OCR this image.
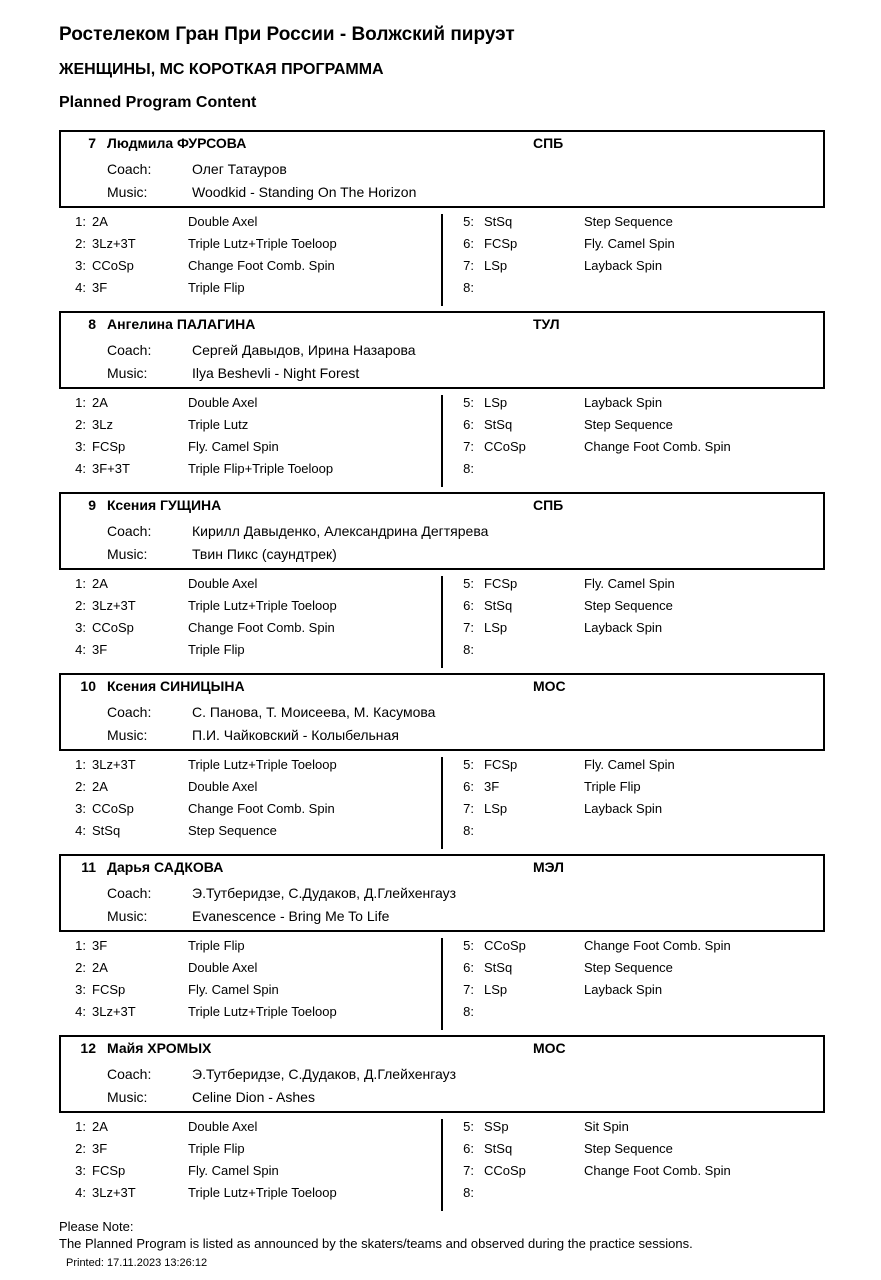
Ростелеком Гран При России - Волжский пируэт
ЖЕНЩИНЫ, МС КОРОТКАЯ ПРОГРАММА
Planned Program Content
7 Людмила ФУРСОВА	СПБ
Coach:	Олег Татауров
Music:	Woodkid - Standing On The Horizon
1: 2A	Double Axel
2: 3Lz+3T	Triple Lutz+Triple Toeloop
3: CCoSp	Change Foot Comb. Spin
4: 3F	Triple Flip
5: StSq	Step Sequence
6: FCSp	Fly. Camel Spin
7: LSp	Layback Spin
8:
8 Ангелина ПАЛАГИНА	ТУЛ
Coach:	Сергей Давыдов, Ирина Назарова
Music:	Ilya Beshevli - Night Forest
1: 2A	Double Axel
2: 3Lz	Triple Lutz
3: FCSp	Fly. Camel Spin
4: 3F+3T	Triple Flip+Triple Toeloop
5: LSp	Layback Spin
6: StSq	Step Sequence
7: CCoSp	Change Foot Comb. Spin
8:
9 Ксения ГУЩИНА	СПБ
Coach:	Кирилл Давыденко, Александрина Дегтярева
Music:	Твин Пикс (саундтрек)
1: 2A	Double Axel
2: 3Lz+3T	Triple Lutz+Triple Toeloop
3: CCoSp	Change Foot Comb. Spin
4: 3F	Triple Flip
5: FCSp	Fly. Camel Spin
6: StSq	Step Sequence
7: LSp	Layback Spin
8:
10 Ксения СИНИЦЫНА	МОС
Coach:	С. Панова, Т. Моисеева, М. Касумова
Music:	П.И. Чайковский - Колыбельная
1: 3Lz+3T	Triple Lutz+Triple Toeloop
2: 2A	Double Axel
3: CCoSp	Change Foot Comb. Spin
4: StSq	Step Sequence
5: FCSp	Fly. Camel Spin
6: 3F	Triple Flip
7: LSp	Layback Spin
8:
11 Дарья САДКОВА	МЭЛ
Coach:	Э.Тутберидзе, С.Дудаков, Д.Глейхенгауз
Music:	Evanescence - Bring Me To Life
1: 3F	Triple Flip
2: 2A	Double Axel
3: FCSp	Fly. Camel Spin
4: 3Lz+3T	Triple Lutz+Triple Toeloop
5: CCoSp	Change Foot Comb. Spin
6: StSq	Step Sequence
7: LSp	Layback Spin
8:
12 Майя ХРОМЫХ	МОС
Coach:	Э.Тутберидзе, С.Дудаков, Д.Глейхенгауз
Music:	Celine Dion - Ashes
1: 2A	Double Axel
2: 3F	Triple Flip
3: FCSp	Fly. Camel Spin
4: 3Lz+3T	Triple Lutz+Triple Toeloop
5: SSp	Sit Spin
6: StSq	Step Sequence
7: CCoSp	Change Foot Comb. Spin
8:
Please Note:
The Planned Program is listed as announced by the skaters/teams and observed during the practice sessions.
Printed: 17.11.2023 13:26:12
